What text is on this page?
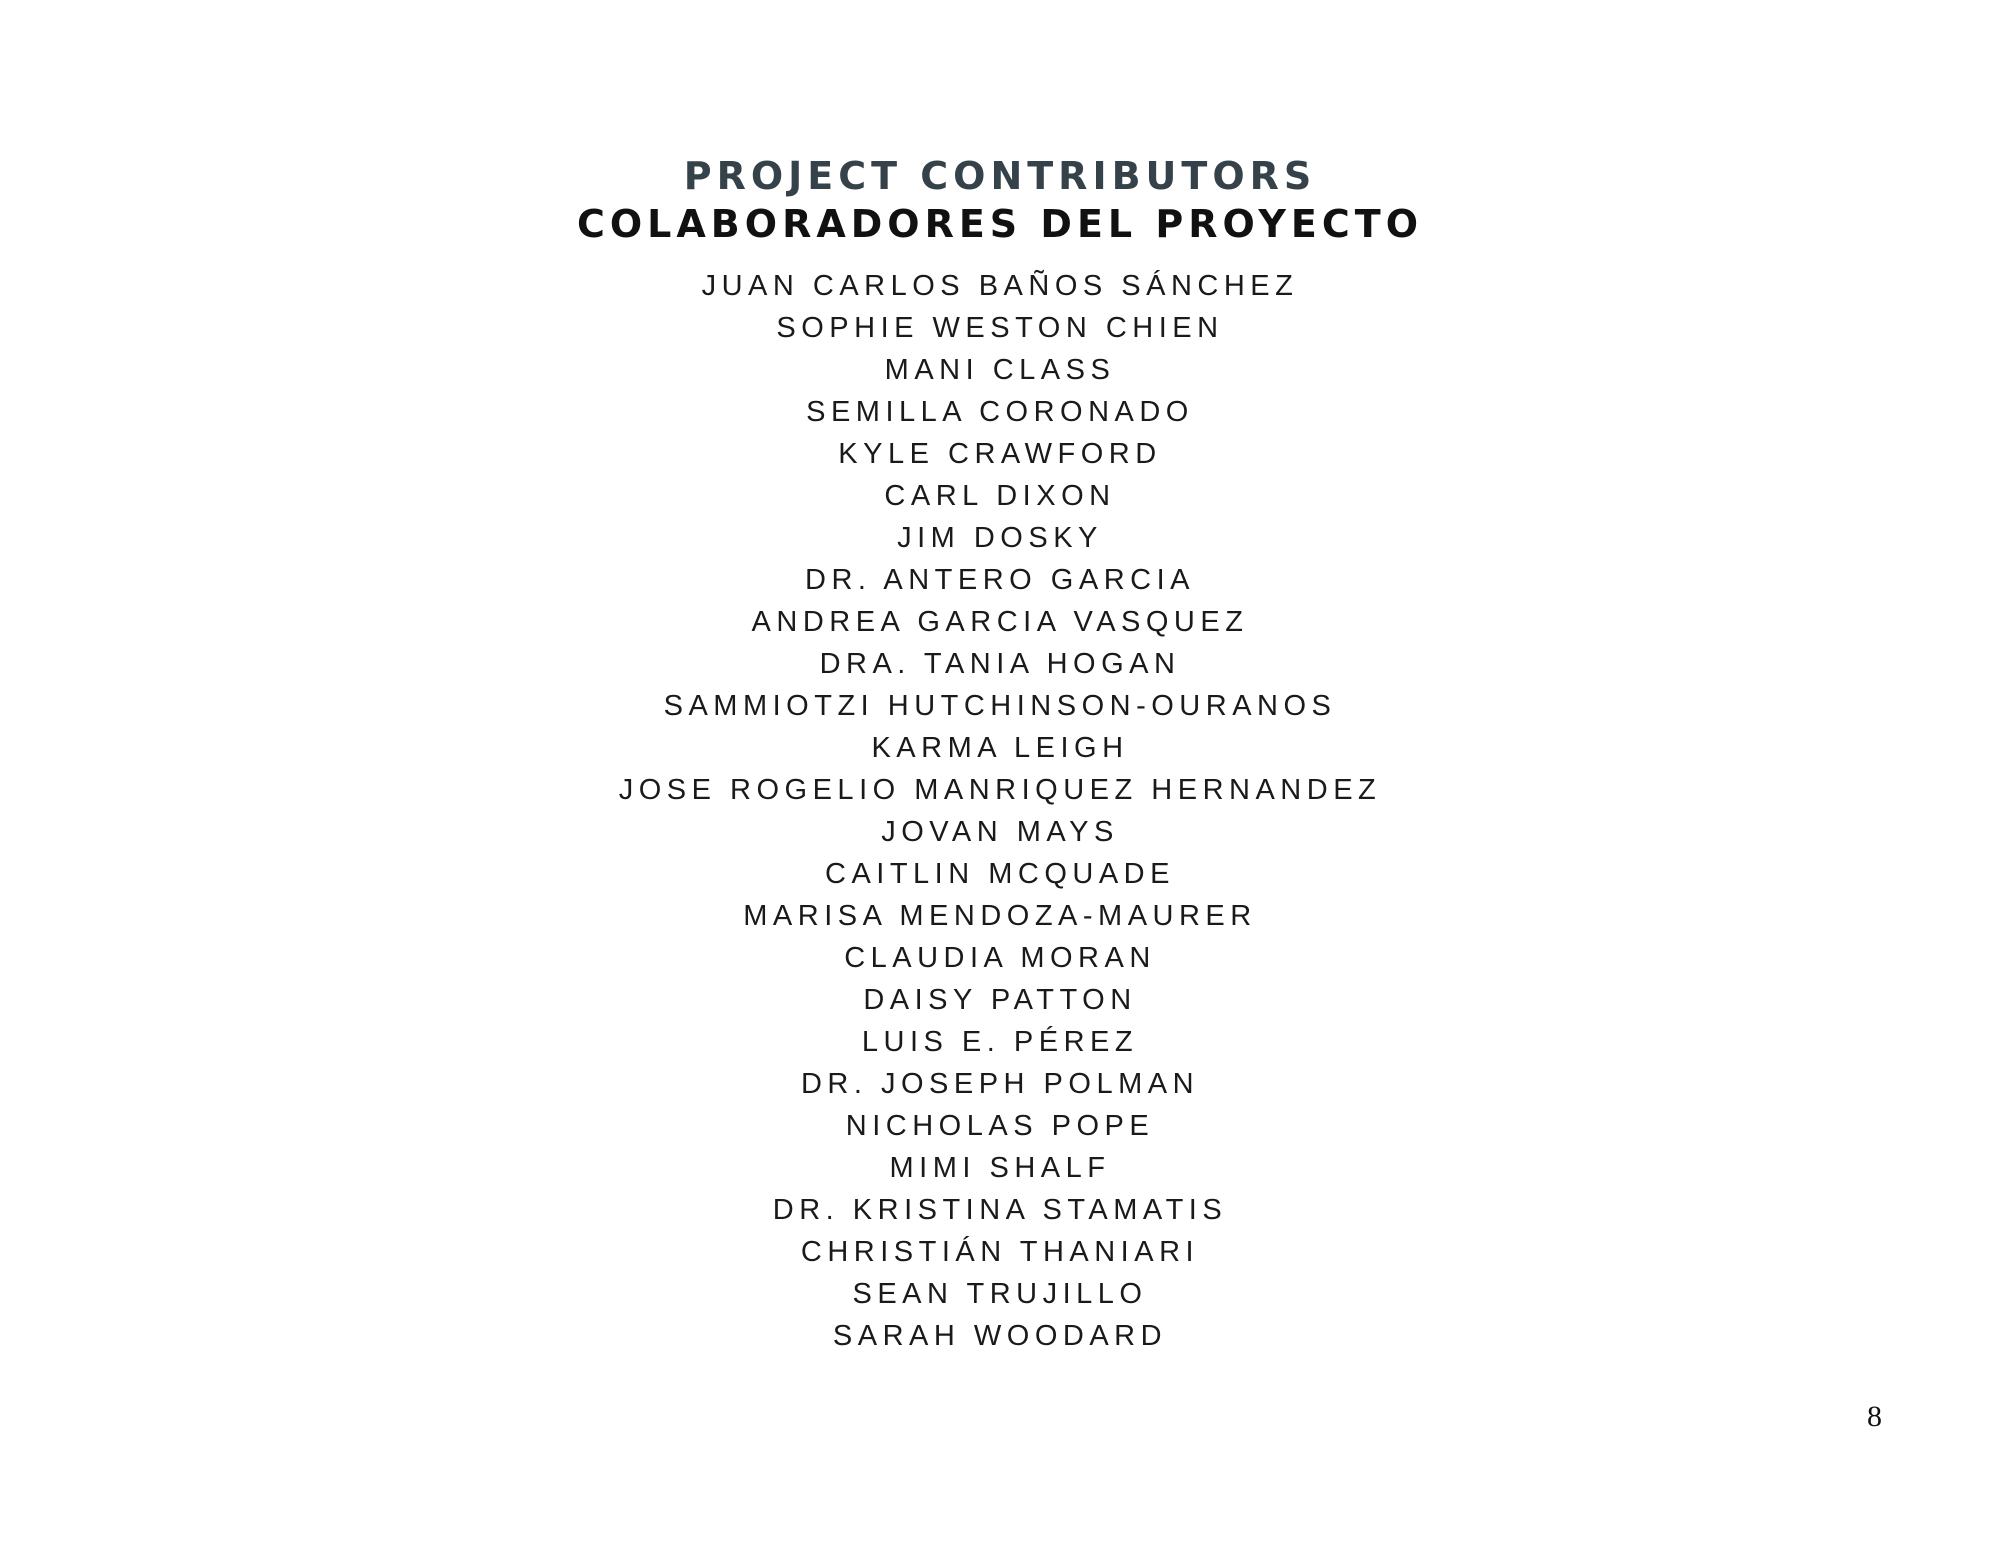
PROJECT CONTRIBUTORS
COLABORADORES DEL PROYECTO
JUAN CARLOS BAÑOS SÁNCHEZ
SOPHIE WESTON CHIEN
MANI CLASS
SEMILLA CORONADO
KYLE CRAWFORD
CARL DIXON
JIM DOSKY
DR. ANTERO GARCIA
ANDREA GARCIA VASQUEZ
DRA. TANIA HOGAN
SAMMIOTZI HUTCHINSON-OURANOS
KARMA LEIGH
JOSE ROGELIO MANRIQUEZ HERNANDEZ
JOVAN MAYS
CAITLIN MCQUADE
MARISA MENDOZA-MAURER
CLAUDIA MORAN
DAISY PATTON
LUIS E. PÉREZ
DR. JOSEPH POLMAN
NICHOLAS POPE
MIMI SHALF
DR. KRISTINA STAMATIS
CHRISTIÁN THANIARI
SEAN TRUJILLO
SARAH WOODARD
8
